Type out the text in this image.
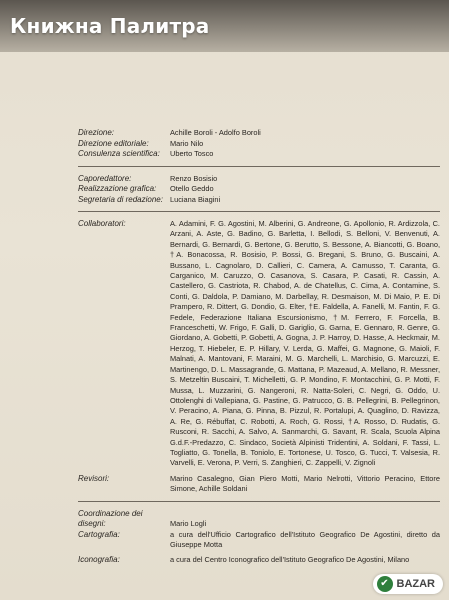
Книжна Палитра
Direzione:	Achille Boroli - Adolfo Boroli
Direzione editoriale:	Mario Nilo
Consulenza scientifica:	Uberto Tosco
Caporedattore:	Renzo Bosisio
Realizzazione grafica:	Otello Geddo
Segretaria di redazione: Luciana Biagini
Collaboratori:	A. Adamini, F. G. Agostini, M. Alberini, G. Andreone, G. Apollonio, R. Ardizzola, C. Arzani, A. Aste, G. Badino, G. Barletta, I. Bellodi, S. Belloni, V. Benvenuti, A. Bernardi, G. Bernardi, G. Bertone, G. Berutto, S. Bessone, A. Biancotti, G. Boano, †A. Bonacossa, R. Bosisio, P. Bossi, G. Bregani, S. Bruno, G. Buscaini, A. Bussano, L. Cagnolaro, D. Callieri, C. Camera, A. Camusso, T. Caranta, G. Carganico, M. Caruzzo, O. Casanova, S. Casara, P. Casati, R. Cassin, A. Castellero, G. Castriota, R. Chabod, A. de Chatellus, C. Cima, A. Contamine, S. Conti, G. Daldola, P. Damiano, M. Darbellay, R. Desmaison, M. Di Maio, P. E. Di Prampero, R. Dittert, G. Dondio, G. Elter, †E. Faldella, A. Fanelli, M. Fantin, F. G. Fedele, Federazione Italiana Escursionismo, †M. Ferrero, F. Forcella, B. Franceschetti, W. Frigo, F. Galli, D. Gariglio, G. Garna, E. Gennaro, R. Genre, G. Giordano, A. Gobetti, P. Gobetti, A. Gogna, J. P. Harroy, D. Hasse, A. Heckmair, M. Herzog, T. Hiebeler, E. P. Hillary, V. Lerda, G. Maffei, G. Magnone, G. Maioli, F. Malnati, A. Mantovani, F. Maraini, M. G. Marchelli, L. Marchisio, G. Marcuzzi, E. Martinengo, D. L. Massagrande, G. Mattana, P. Mazeaud, A. Mellano, R. Messner, S. Metzeltin Buscaini, T. Michelletti, G. P. Mondino, F. Montacchini, G. P. Motti, F. Mussa, L. Muzzarini, G. Nangeroni, R. Natta-Soleri, C. Negri, G. Oddo, U. Ottolenghi di Vallepiana, G. Pastine, G. Patrucco, G. B. Pellegrini, B. Pellegrinon, V. Peracino, A. Piana, G. Pinna, B. Pizzul, R. Portalupi, A. Quaglino, D. Ravizza, A. Re, G. Rébuffat, C. Robotti, A. Roch, G. Rossi, †A. Rosso, D. Rudatis, G. Rusconi, R. Sacchi, A. Salvo, A. Sanmarchi, G. Savant, R. Scala, Scuola Alpina G.d.F.-Predazzo, C. Sindaco, Società Alpinisti Tridentini, A. Soldani, F. Tassi, L. Togliatto, G. Tonella, B. Toniolo, E. Tortonese, U. Tosco, G. Tucci, T. Valsesia, R. Varvelli, E. Verona, P. Verri, S. Zanghieri, C. Zappelli, V. Zignoli
Revisori:	Marino Casalegno, Gian Piero Motti, Mario Nelrotti, Vittorio Peracino, Ettore Simone, Achille Soldani
Coordinazione dei disegni:	Mario Logli
Cartografia:	a cura dell'Ufficio Cartografico dell'Istituto Geografico De Agostini, diretto da Giuseppe Motta
Iconografia:	a cura del Centro Iconografico dell'Istituto Geografico De Agostini, Milano
✔ BAZAR
